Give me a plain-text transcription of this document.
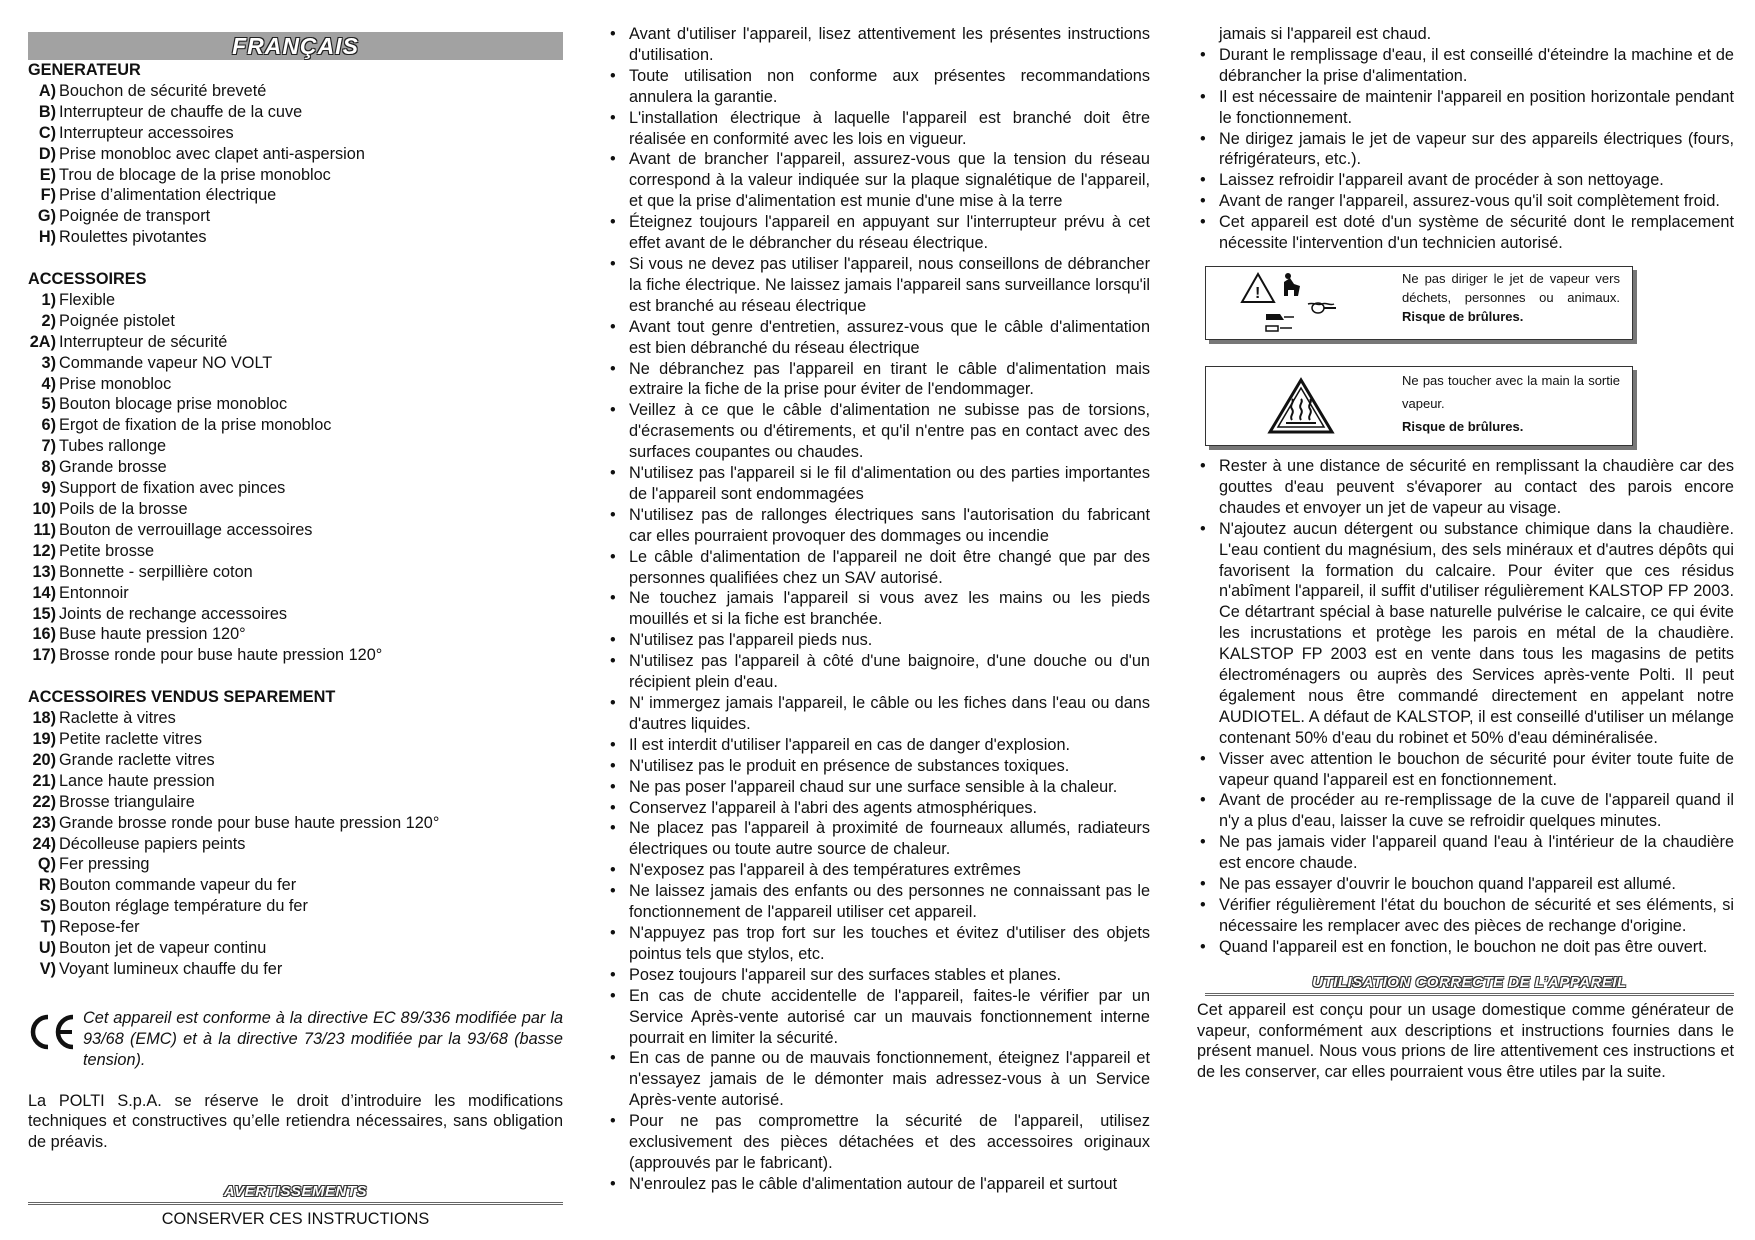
FRANÇAIS
GENERATEUR
A) Bouchon de sécurité breveté
B) Interrupteur de chauffe de la cuve
C) Interrupteur accessoires
D) Prise monobloc avec clapet anti-aspersion
E) Trou de blocage de la prise monobloc
F) Prise d’alimentation électrique
G) Poignée de transport
H) Roulettes pivotantes
ACCESSOIRES
1) Flexible
2) Poignée pistolet
2A) Interrupteur de sécurité
3) Commande vapeur NO VOLT
4) Prise monobloc
5) Bouton blocage prise monobloc
6) Ergot de fixation de la prise monobloc
7) Tubes rallonge
8) Grande brosse
9) Support de fixation avec pinces
10) Poils de la brosse
11) Bouton de verrouillage accessoires
12) Petite brosse
13) Bonnette - serpillière coton
14) Entonnoir
15) Joints de rechange accessoires
16) Buse haute pression 120°
17) Brosse ronde pour buse haute pression 120°
ACCESSOIRES VENDUS SEPAREMENT
18) Raclette à vitres
19) Petite raclette vitres
20) Grande raclette vitres
21) Lance haute pression
22) Brosse triangulaire
23) Grande brosse ronde pour buse haute pression 120°
24) Décolleuse papiers peints
Q) Fer pressing
R) Bouton commande vapeur du fer
S) Bouton réglage température du fer
T) Repose-fer
U) Bouton jet de vapeur continu
V) Voyant lumineux chauffe du fer
Cet appareil est conforme à la directive EC 89/336 modifiée par la 93/68 (EMC) et à la directive 73/23 modifiée par la 93/68 (basse tension).
La POLTI S.p.A. se réserve le droit d’introduire les modifications techniques et constructives qu’elle retiendra nécessaires, sans obligation de préavis.
AVERTISSEMENTS
CONSERVER CES INSTRUCTIONS
• Avant d'utiliser l'appareil, lisez attentivement les présentes instructions d'utilisation.
• Toute utilisation non conforme aux présentes recommandations annulera la garantie.
• L'installation électrique à laquelle l'appareil est branché doit être réalisée en conformité avec les lois en vigueur.
• Avant de brancher l'appareil, assurez-vous que la tension du réseau correspond à la valeur indiquée sur la plaque signalétique de l'appareil, et que la prise d'alimentation est munie d'une mise à la terre
• Éteignez toujours l'appareil en appuyant sur l'interrupteur prévu à cet effet avant de le débrancher du réseau électrique.
• Si vous ne devez pas utiliser l'appareil, nous conseillons de débrancher la fiche électrique. Ne laissez jamais l'appareil sans surveillance lorsqu'il est branché au réseau électrique
• Avant tout genre d'entretien, assurez-vous que le câble d'alimentation est bien débranché du réseau électrique
• Ne débranchez pas l'appareil en tirant le câble d'alimentation mais extraire la fiche de la prise pour éviter de l'endommager.
• Veillez à ce que le câble d'alimentation ne subisse pas de torsions, d'écrasements ou d'étirements, et qu'il n'entre pas en contact avec des surfaces coupantes ou chaudes.
• N'utilisez pas l'appareil si le fil d'alimentation ou des parties importantes de l'appareil sont endommagées
• N'utilisez pas de rallonges électriques sans l'autorisation du fabricant car elles pourraient provoquer des dommages ou incendie
• Le câble d'alimentation de l'appareil ne doit être changé que par des personnes qualifiées chez un SAV autorisé.
• Ne touchez jamais l'appareil si vous avez les mains ou les pieds mouillés et si la fiche est branchée.
• N'utilisez pas l'appareil pieds nus.
• N'utilisez pas l'appareil à côté d'une baignoire, d'une douche ou d'un récipient plein d'eau.
• N' immergez jamais l'appareil, le câble ou les fiches dans l'eau ou dans d'autres liquides.
• Il est interdit d'utiliser l'appareil en cas de danger d'explosion.
• N'utilisez pas le produit en présence de substances toxiques.
• Ne pas poser l'appareil chaud sur une surface sensible à la chaleur.
• Conservez l'appareil à l'abri des agents atmosphériques.
• Ne placez pas l'appareil à proximité de fourneaux allumés, radiateurs électriques ou toute autre source de chaleur.
• N'exposez pas l'appareil à des températures extrêmes
• Ne laissez jamais des enfants ou des personnes ne connaissant pas le fonctionnement de l'appareil utiliser cet appareil.
• N'appuyez pas trop fort sur les touches et évitez d'utiliser des objets pointus tels que stylos, etc.
• Posez toujours l'appareil sur des surfaces stables et planes.
• En cas de chute accidentelle de l'appareil, faites-le vérifier par un Service Après-vente autorisé car un mauvais fonctionnement interne pourrait en limiter la sécurité.
• En cas de panne ou de mauvais fonctionnement, éteignez l'appareil et n'essayez jamais de le démonter mais adressez-vous à un Service Après-vente autorisé.
• Pour ne pas compromettre la sécurité de l'appareil, utilisez exclusivement des pièces détachées et des accessoires originaux (approuvés par le fabricant).
• N'enroulez pas le câble d'alimentation autour de l'appareil et surtout
jamais si l'appareil est chaud.
• Durant le remplissage d'eau, il est conseillé d'éteindre la machine et de débrancher la prise d'alimentation.
• Il est nécessaire de maintenir l'appareil en position horizontale pendant le fonctionnement.
• Ne dirigez jamais le jet de vapeur sur des appareils électriques (fours, réfrigérateurs, etc.).
• Laissez refroidir l'appareil avant de procéder à son nettoyage.
• Avant de ranger l'appareil, assurez-vous qu'il soit complètement froid.
• Cet appareil est doté d'un système de sécurité dont le remplacement nécessite l'intervention d'un technicien autorisé.
!
Ne pas diriger le jet de vapeur vers déchets, personnes ou animaux. Risque de brûlures.
Ne pas toucher avec la main la sortie vapeur.
Risque de brûlures.
• Rester à une distance de sécurité en remplissant la chaudière car des gouttes d'eau peuvent s'évaporer au contact des parois encore chaudes et envoyer un jet de vapeur au visage.
• N'ajoutez aucun détergent ou substance chimique dans la chaudière. L'eau contient du magnésium, des sels minéraux et d'autres dépôts qui favorisent la formation du calcaire. Pour éviter que ces résidus n'abîment l'appareil, il suffit d'utiliser régulièrement KALSTOP FP 2003. Ce détartrant spécial à base naturelle pulvérise le calcaire, ce qui évite les incrustations et protège les parois en métal de la chaudière. KALSTOP FP 2003 est en vente dans tous les magasins de petits électroménagers ou auprès des Services après-vente Polti. Il peut également nous être commandé directement en appelant notre AUDIOTEL. A défaut de KALSTOP, il est conseillé d'utiliser un mélange contenant 50% d'eau du robinet et 50% d'eau déminéralisée.
• Visser avec attention le bouchon de sécurité pour éviter toute fuite de vapeur quand l'appareil est en fonctionnement.
• Avant de procéder au re-remplissage de la cuve de l'appareil quand il n'y a plus d'eau, laisser la cuve se refroidir quelques minutes.
• Ne pas jamais vider l'appareil quand l'eau à l'intérieur de la chaudière est encore chaude.
• Ne pas essayer d'ouvrir le bouchon quand l'appareil est allumé.
• Vérifier régulièrement l'état du bouchon de sécurité et ses éléments, si nécessaire les remplacer avec des pièces de rechange d'origine.
• Quand l'appareil est en fonction, le bouchon ne doit pas être ouvert.
UTILISATION CORRECTE DE L’APPAREIL
Cet appareil est conçu pour un usage domestique comme générateur de vapeur, conformément aux descriptions et instructions fournies dans le présent manuel. Nous vous prions de lire attentivement ces instructions et de les conserver, car elles pourraient vous être utiles par la suite.
